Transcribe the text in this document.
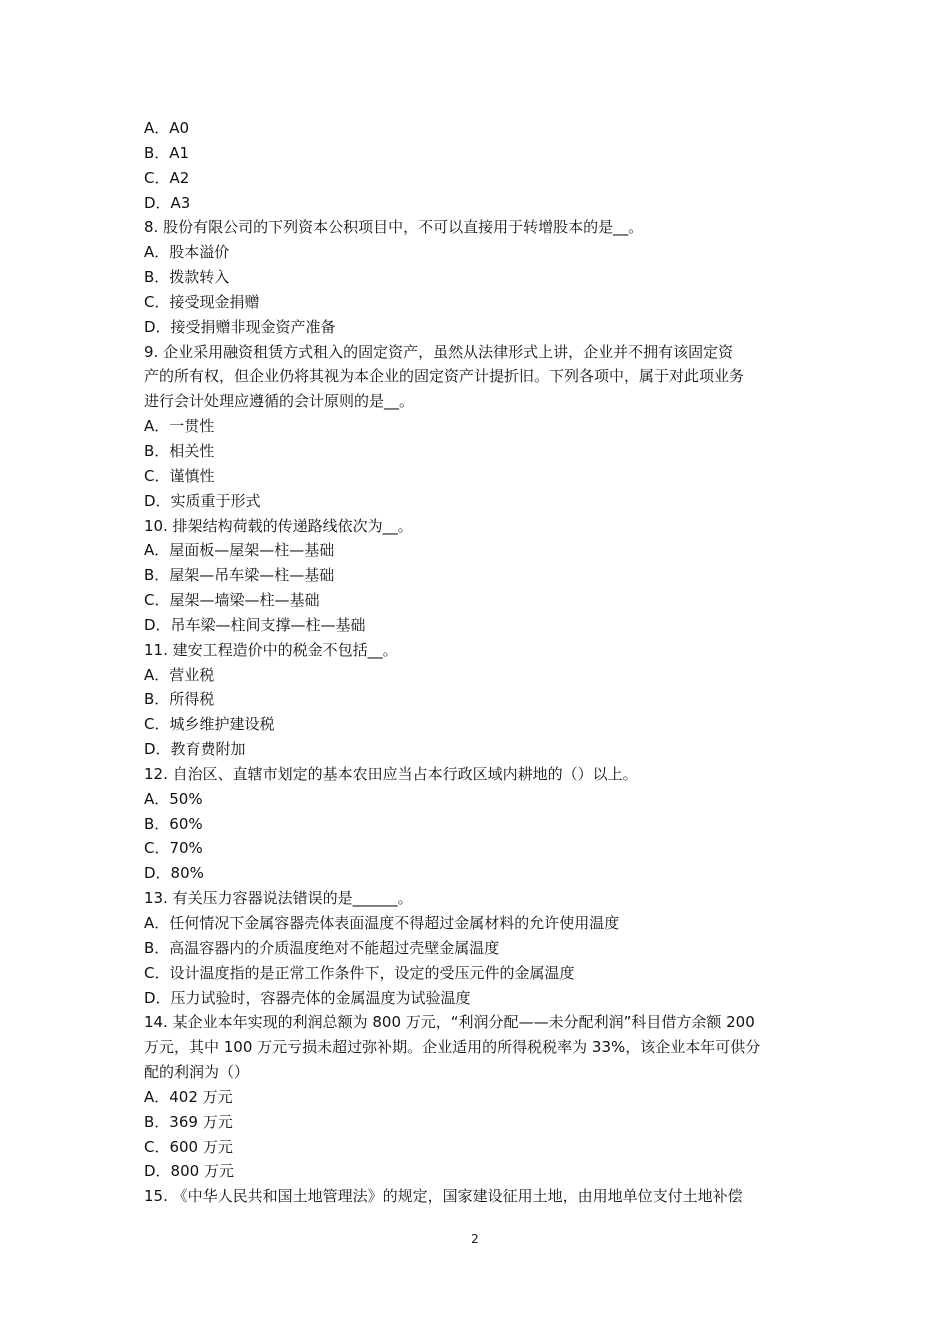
A．A0
B．A1
C．A2
D．A3
8. 股份有限公司的下列资本公积项目中，不可以直接用于转增股本的是__。
A．股本溢价
B．拨款转入
C．接受现金捐赠
D．接受捐赠非现金资产准备
9. 企业采用融资租赁方式租入的固定资产，虽然从法律形式上讲，企业并不拥有该固定资
产的所有权，但企业仍将其视为本企业的固定资产计提折旧。下列各项中，属于对此项业务
进行会计处理应遵循的会计原则的是__。
A．一贯性
B．相关性
C．谨慎性
D．实质重于形式
10. 排架结构荷载的传递路线依次为__。
A．屋面板—屋架—柱—基础
B．屋架—吊车梁—柱—基础
C．屋架—墙梁—柱—基础
D．吊车梁—柱间支撑—柱—基础
11. 建安工程造价中的税金不包括__。
A．营业税
B．所得税
C．城乡维护建设税
D．教育费附加
12. 自治区、直辖市划定的基本农田应当占本行政区域内耕地的（）以上。
A．50%
B．60%
C．70%
D．80%
13. 有关压力容器说法错误的是______。
A．任何情况下金属容器壳体表面温度不得超过金属材料的允许使用温度
B．高温容器内的介质温度绝对不能超过壳壁金属温度
C．设计温度指的是正常工作条件下，设定的受压元件的金属温度
D．压力试验时，容器壳体的金属温度为试验温度
14. 某企业本年实现的利润总额为 800 万元，“利润分配——未分配利润”科目借方余额 200
万元，其中 100 万元亏损未超过弥补期。企业适用的所得税税率为 33%，该企业本年可供分
配的利润为（）
A．402 万元
B．369 万元
C．600 万元
D．800 万元
15. 《中华人民共和国土地管理法》的规定，国家建设征用土地，由用地单位支付土地补偿
2
